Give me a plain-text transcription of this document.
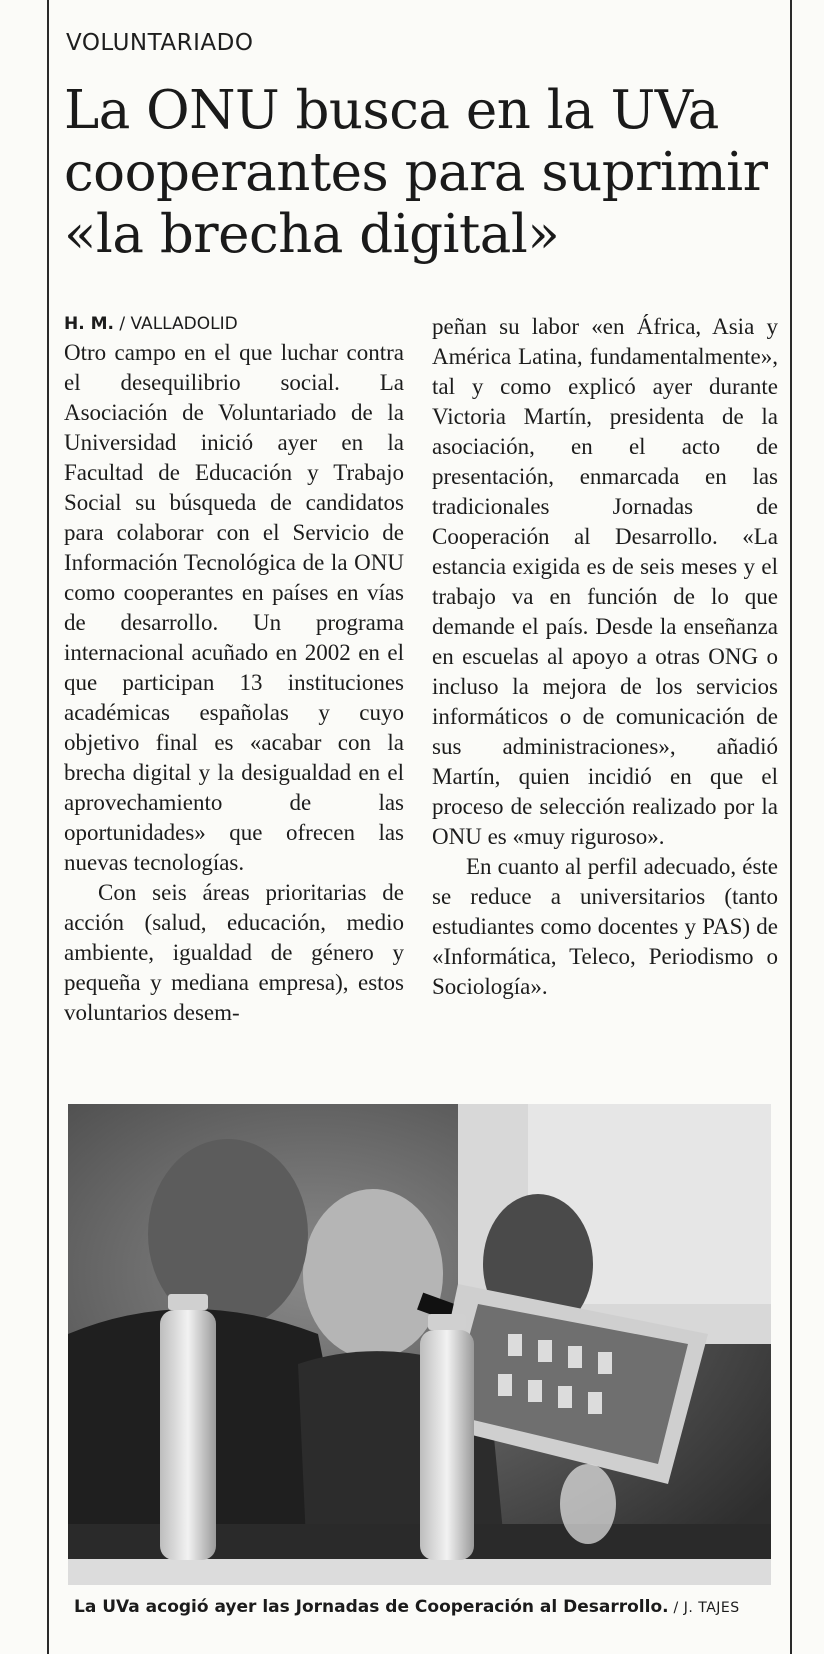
VOLUNTARIADO
La ONU busca en la UVa cooperantes para suprimir «la brecha digital»
H. M. / VALLADOLID

Otro campo en el que luchar contra el desequilibrio social. La Asociación de Voluntariado de la Universidad inició ayer en la Facultad de Educación y Trabajo Social su búsqueda de candidatos para colaborar con el Servicio de Información Tecnológica de la ONU como cooperantes en países en vías de desarrollo. Un programa internacional acuñado en 2002 en el que participan 13 instituciones académicas españolas y cuyo objetivo final es «acabar con la brecha digital y la desigualdad en el aprovechamiento de las oportunidades» que ofrecen las nuevas tecnologías.

Con seis áreas prioritarias de acción (salud, educación, medio ambiente, igualdad de género y pequeña y mediana empresa), estos voluntarios desem-

peñan su labor «en África, Asia y América Latina, fundamentalmente», tal y como explicó ayer durante Victoria Martín, presidenta de la asociación, en el acto de presentación, enmarcada en las tradicionales Jornadas de Cooperación al Desarrollo. «La estancia exigida es de seis meses y el trabajo va en función de lo que demande el país. Desde la enseñanza en escuelas al apoyo a otras ONG o incluso la mejora de los servicios informáticos o de comunicación de sus administraciones», añadió Martín, quien incidió en que el proceso de selección realizado por la ONU es «muy riguroso».

En cuanto al perfil adecuado, éste se reduce a universitarios (tanto estudiantes como docentes y PAS) de «Informática, Teleco, Periodismo o Sociología».

La UVa acogió ayer las Jornadas de Cooperación al Desarrollo. / J. TAJES
